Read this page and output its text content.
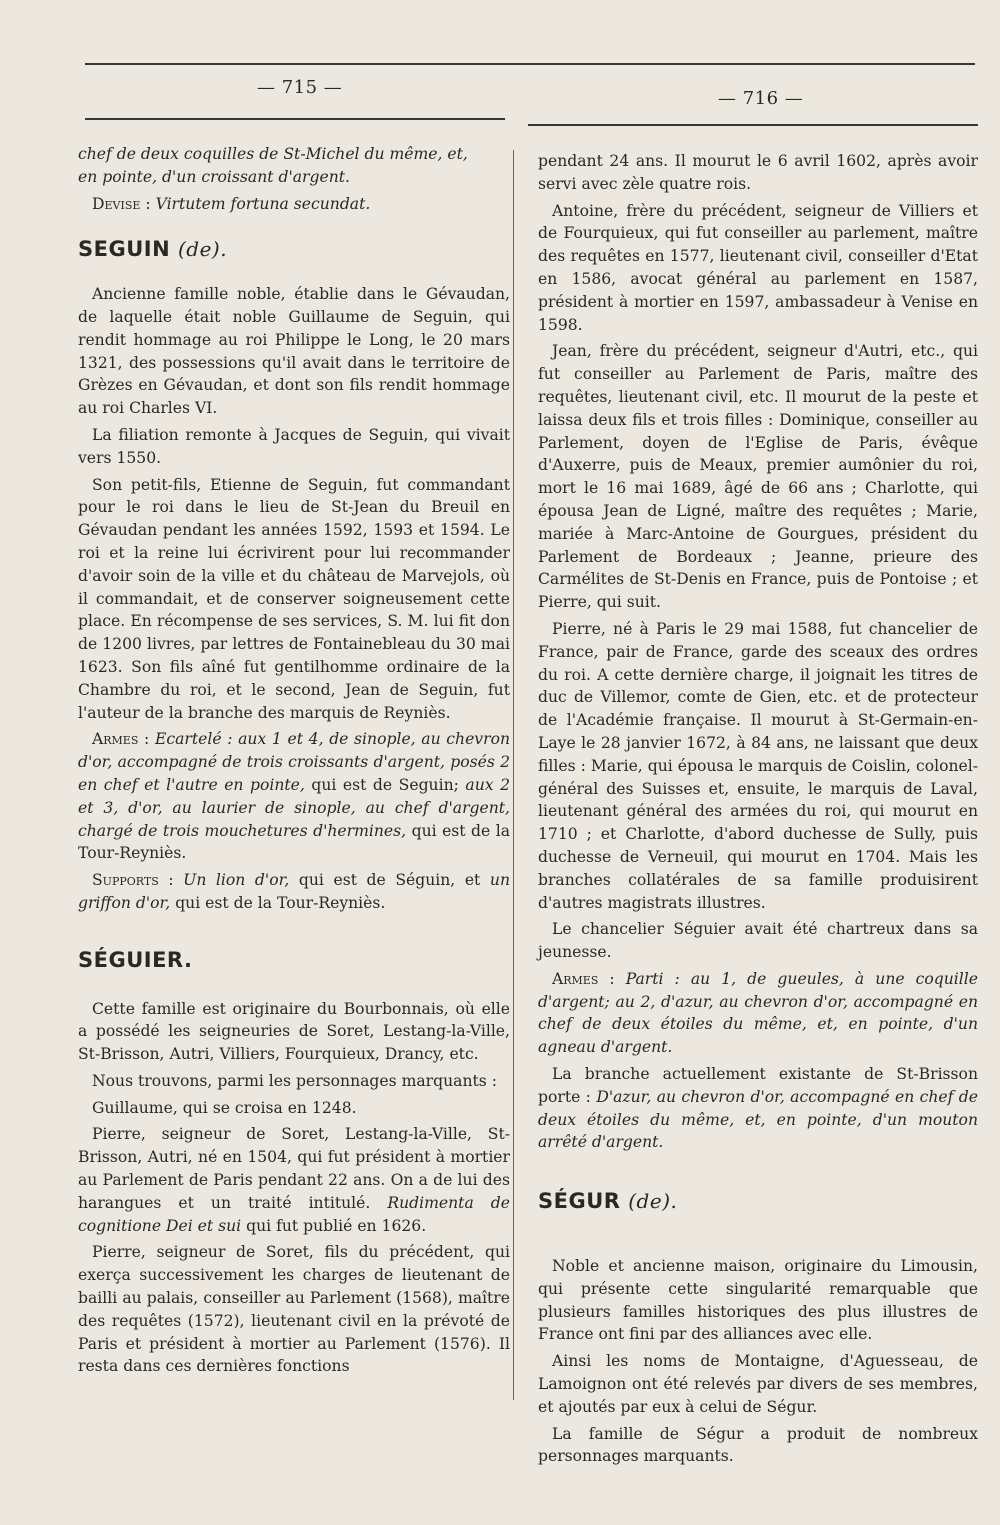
— 715 —
— 716 —

chef de deux coquilles de St-Michel du même, et,
en pointe, d'un croissant d'argent.

Devise : Virtutem fortuna secundat.

SEGUIN (de).

Ancienne famille noble, établie dans le Gévaudan, de laquelle était noble Guillaume de Seguin, qui rendit hommage au roi Philippe le Long, le 20 mars 1321, des possessions qu'il avait dans le territoire de Grèzes en Gévaudan, et dont son fils rendit hommage au roi Charles VI.

La filiation remonte à Jacques de Seguin, qui vivait vers 1550.

Son petit-fils, Etienne de Seguin, fut commandant pour le roi dans le lieu de St-Jean du Breuil en Gévaudan pendant les années 1592, 1593 et 1594. Le roi et la reine lui écrivirent pour lui recommander d'avoir soin de la ville et du château de Marvejols, où il commandait, et de conserver soigneusement cette place. En récompense de ses services, S. M. lui fit don de 1200 livres, par lettres de Fontainebleau du 30 mai 1623. Son fils aîné fut gentilhomme ordinaire de la Chambre du roi, et le second, Jean de Seguin, fut l'auteur de la branche des marquis de Reyniès.

Armes : Ecartelé : aux 1 et 4, de sinople, au chevron d'or, accompagné de trois croissants d'argent, posés 2 en chef et l'autre en pointe, qui est de Seguin; aux 2 et 3, d'or, au laurier de sinople, au chef d'argent, chargé de trois mouchetures d'hermines, qui est de la Tour-Reyniès.

Supports : Un lion d'or, qui est de Séguin, et un griffon d'or, qui est de la Tour-Reyniès.

SÉGUIER.

Cette famille est originaire du Bourbonnais, où elle a possédé les seigneuries de Soret, Lestang-la-Ville, St-Brisson, Autri, Villiers, Fourquieux, Drancy, etc.

Nous trouvons, parmi les personnages marquants :

Guillaume, qui se croisa en 1248.

Pierre, seigneur de Soret, Lestang-la-Ville, St-Brisson, Autri, né en 1504, qui fut président à mortier au Parlement de Paris pendant 22 ans. On a de lui des harangues et un traité intitulé. Rudimenta de cognitione Dei et sui qui fut publié en 1626.

Pierre, seigneur de Soret, fils du précédent, qui exerça successivement les charges de lieutenant de bailli au palais, conseiller au Parlement (1568), maître des requêtes (1572), lieutenant civil en la prévoté de Paris et président à mortier au Parlement (1576). Il resta dans ces dernières fonctions

pendant 24 ans. Il mourut le 6 avril 1602, après avoir servi avec zèle quatre rois.

Antoine, frère du précédent, seigneur de Villiers et de Fourquieux, qui fut conseiller au parlement, maître des requêtes en 1577, lieutenant civil, conseiller d'Etat en 1586, avocat général au parlement en 1587, président à mortier en 1597, ambassadeur à Venise en 1598.

Jean, frère du précédent, seigneur d'Autri, etc., qui fut conseiller au Parlement de Paris, maître des requêtes, lieutenant civil, etc. Il mourut de la peste et laissa deux fils et trois filles : Dominique, conseiller au Parlement, doyen de l'Eglise de Paris, évêque d'Auxerre, puis de Meaux, premier aumônier du roi, mort le 16 mai 1689, âgé de 66 ans ; Charlotte, qui épousa Jean de Ligné, maître des requêtes ; Marie, mariée à Marc-Antoine de Gourgues, président du Parlement de Bordeaux ; Jeanne, prieure des Carmélites de St-Denis en France, puis de Pontoise ; et Pierre, qui suit.

Pierre, né à Paris le 29 mai 1588, fut chancelier de France, pair de France, garde des sceaux des ordres du roi. A cette dernière charge, il joignait les titres de duc de Villemor, comte de Gien, etc. et de protecteur de l'Académie française. Il mourut à St-Germain-en-Laye le 28 janvier 1672, à 84 ans, ne laissant que deux filles : Marie, qui épousa le marquis de Coislin, colonel-général des Suisses et, ensuite, le marquis de Laval, lieutenant général des armées du roi, qui mourut en 1710 ; et Charlotte, d'abord duchesse de Sully, puis duchesse de Verneuil, qui mourut en 1704. Mais les branches collatérales de sa famille produisirent d'autres magistrats illustres.

Le chancelier Séguier avait été chartreux dans sa jeunesse.

Armes : Parti : au 1, de gueules, à une coquille d'argent; au 2, d'azur, au chevron d'or, accompagné en chef de deux étoiles du même, et, en pointe, d'un agneau d'argent.

La branche actuellement existante de St-Brisson porte : D'azur, au chevron d'or, accompagné en chef de deux étoiles du même, et, en pointe, d'un mouton arrêté d'argent.

SÉGUR (de).

Noble et ancienne maison, originaire du Limousin, qui présente cette singularité remarquable que plusieurs familles historiques des plus illustres de France ont fini par des alliances avec elle.

Ainsi les noms de Montaigne, d'Aguesseau, de Lamoignon ont été relevés par divers de ses membres, et ajoutés par eux à celui de Ségur.

La famille de Ségur a produit de nombreux personnages marquants.
